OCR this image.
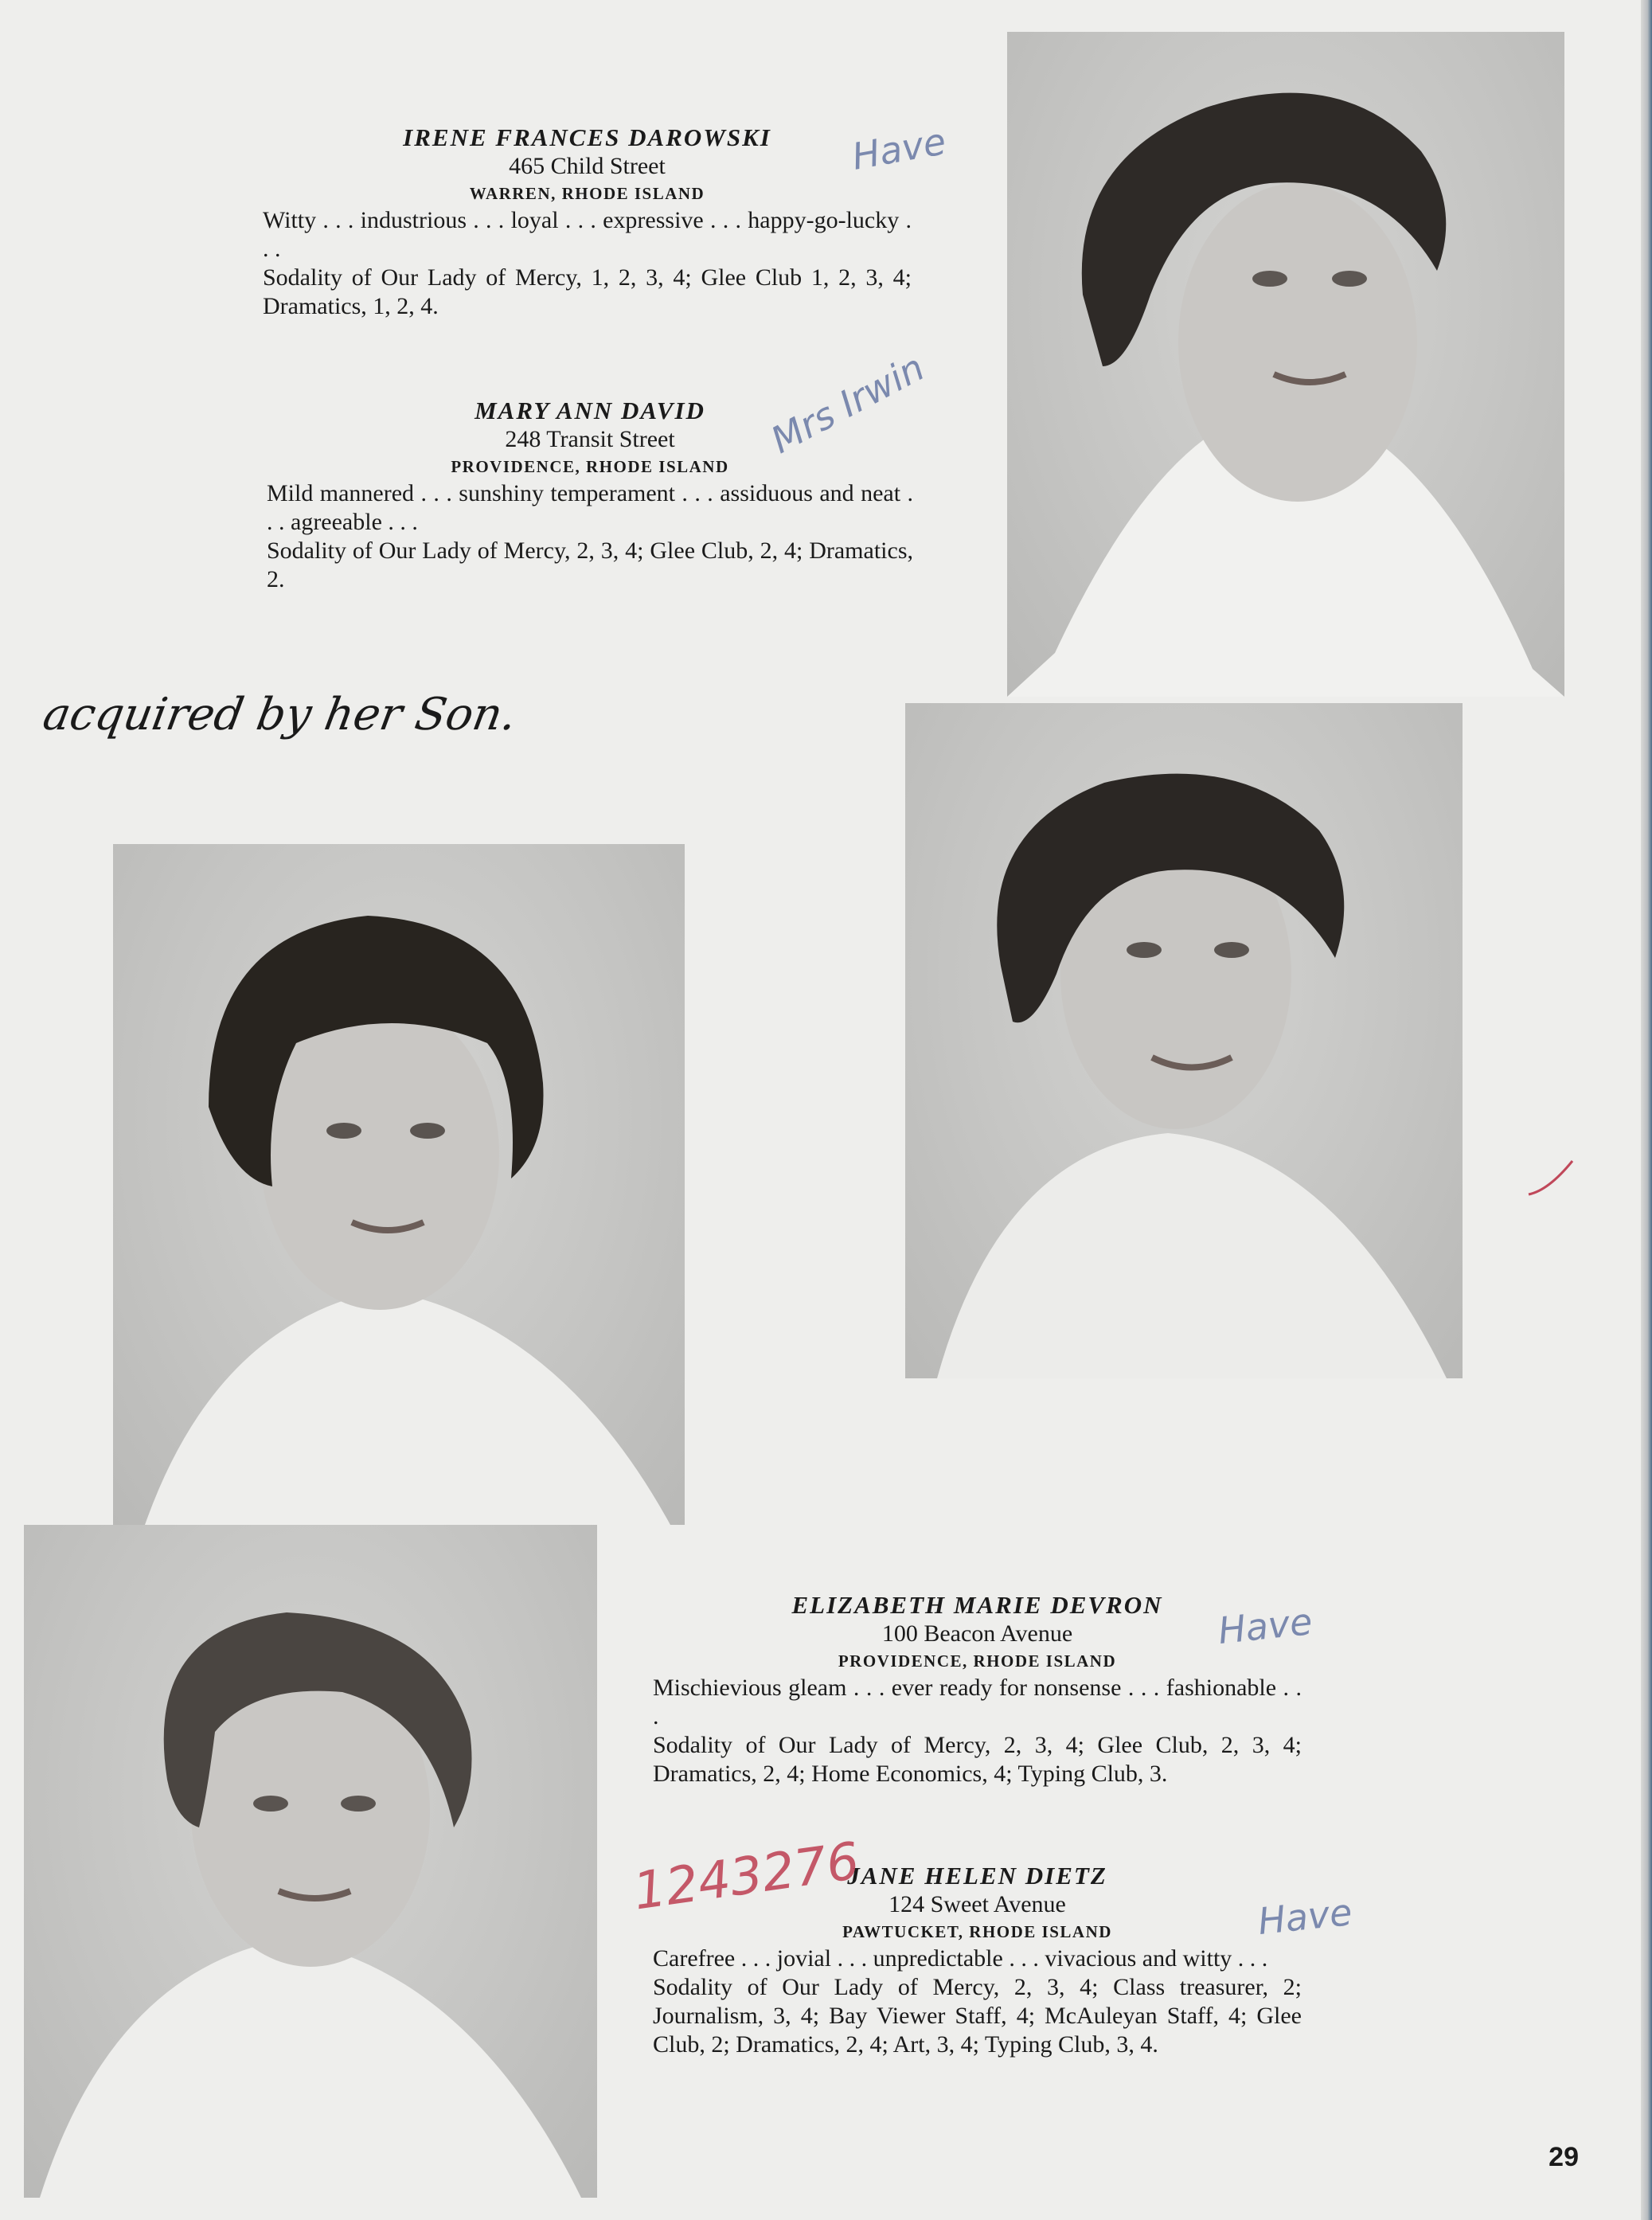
acquired by her Son.
IRENE FRANCES DAROWSKI
465 Child Street
WARREN, RHODE ISLAND
Witty . . . industrious . . . loyal . . . expressive . . . happy-go-lucky . . .
Sodality of Our Lady of Mercy, 1, 2, 3, 4; Glee Club 1, 2, 3, 4; Dramatics, 1, 2, 4.
Have
MARY ANN DAVID
248 Transit Street
PROVIDENCE, RHODE ISLAND
Mild mannered . . . sunshiny temperament . . . assiduous and neat . . . agreeable . . .
Sodality of Our Lady of Mercy, 2, 3, 4; Glee Club, 2, 4; Dramatics, 2.
Mrs Irwin
ELIZABETH MARIE DEVRON
100 Beacon Avenue
PROVIDENCE, RHODE ISLAND
Mischievious gleam . . . ever ready for nonsense . . . fashionable . . .
Sodality of Our Lady of Mercy, 2, 3, 4; Glee Club, 2, 3, 4; Dramatics, 2, 4; Home Economics, 4; Typing Club, 3.
Have
JANE HELEN DIETZ
124 Sweet Avenue
PAWTUCKET, RHODE ISLAND
Carefree . . . jovial . . . unpredictable . . . vivacious and witty . . .
Sodality of Our Lady of Mercy, 2, 3, 4; Class treasurer, 2; Journalism, 3, 4; Bay Viewer Staff, 4; McAuleyan Staff, 4; Glee Club, 2; Dramatics, 2, 4; Art, 3, 4; Typing Club, 3, 4.
Have
1243276
29
